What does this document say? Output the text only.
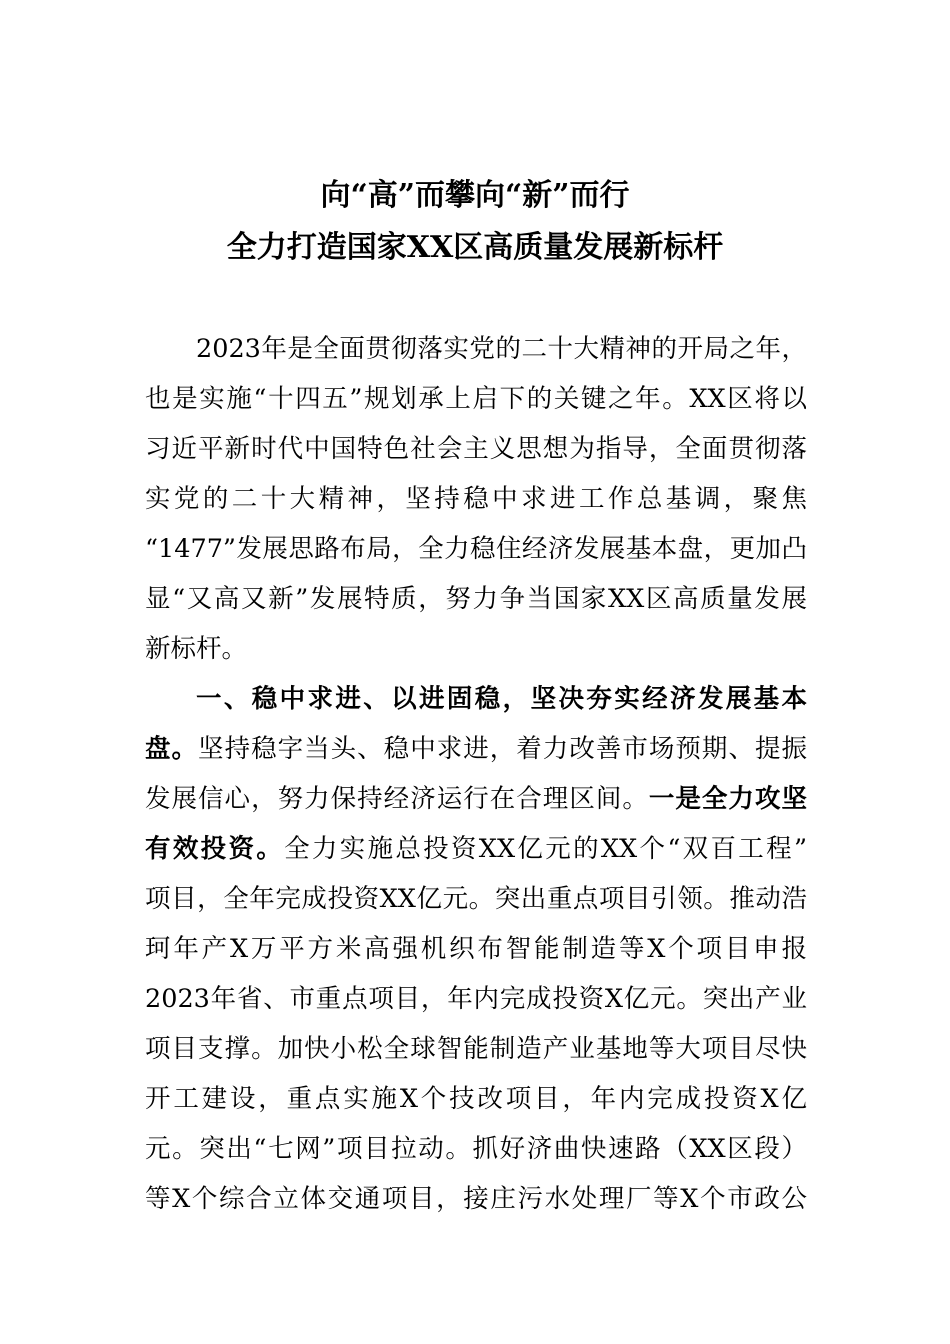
向“高”而攀向“新”而行
全力打造国家XX区高质量发展新标杆
2023年是全面贯彻落实党的二十大精神的开局之年，
也是实施“十四五”规划承上启下的关键之年。XX区将以
习近平新时代中国特色社会主义思想为指导，全面贯彻落
实党的二十大精神，坚持稳中求进工作总基调，聚焦
“1477”发展思路布局，全力稳住经济发展基本盘，更加凸
显“又高又新”发展特质，努力争当国家XX区高质量发展
新标杆。
一、稳中求进、以进固稳，坚决夯实经济发展基本
盘。坚持稳字当头、稳中求进，着力改善市场预期、提振
发展信心，努力保持经济运行在合理区间。一是全力攻坚
有效投资。全力实施总投资XX亿元的XX个“双百工程”
项目，全年完成投资XX亿元。突出重点项目引领。推动浩
珂年产X万平方米高强机织布智能制造等X个项目申报
2023年省、市重点项目，年内完成投资X亿元。突出产业
项目支撑。加快小松全球智能制造产业基地等大项目尽快
开工建设，重点实施X个技改项目，年内完成投资X亿
元。突出“七网”项目拉动。抓好济曲快速路（XX区段）
等X个综合立体交通项目，接庄污水处理厂等X个市政公
